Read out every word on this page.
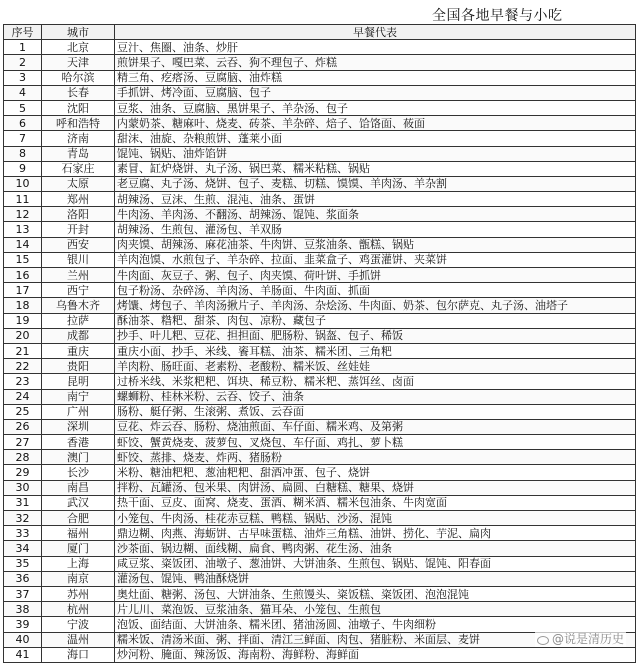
全国各地早餐与小吃
序号	城市	早餐代表
1	北京	豆汁、焦圈、油条、炒肝
2	天津	煎饼果子、嘎巴菜、云吞、狗不理包子、炸糕
3	哈尔滨	精三角、疙瘩汤、豆腐脑、油炸糕
4	长春	手抓饼、烤冷面、豆腐脑、包子
5	沈阳	豆浆、油条、豆腐脑、黑饼果子、羊杂汤、包子
6	呼和浩特	内蒙奶茶、糖麻叶、烧麦、砖茶、羊杂碎、焙子、饸饹面、莜面
7	济南	甜沫、油旋、杂粮煎饼、蓬莱小面
8	青岛	馄饨、锅贴、油炸馅饼
9	石家庄	素冒、缸炉烧饼、丸子汤、锅巴菜、糯米粘糕、锅贴
10	太原	老豆腐、丸子汤、烧饼、包子、麦糕、切糕、馍馍、羊肉汤、羊杂割
11	郑州	胡辣汤、豆沫、生煎、混沌、油条、蛋饼
12	洛阳	牛肉汤、羊肉汤、不翻汤、胡辣汤、馄饨、浆面条
13	开封	胡辣汤、生煎包、灌汤包、羊双肠
14	西安	肉夹馍、胡辣汤、麻花油茶、牛肉饼、豆浆油条、甑糕、锅贴
15	银川	羊肉泡馍、水煎包子、羊杂碎、拉面、韭菜盒子、鸡蛋灌饼、夹菜饼
16	兰州	牛肉面、灰豆子、粥、包子、肉夹馍、荷叶饼、手抓饼
17	西宁	包子粉汤、杂碎汤、羊肉汤、羊肠面、牛肉面、抓面
18	乌鲁木齐	烤馕、烤包子、羊肉汤揪片子、羊肉汤、杂烩汤、牛肉面、奶茶、包尔萨克、丸子汤、油塔子
19	拉萨	酥油茶、糌粑、甜茶、肉包、凉粉、藏包子
20	成都	抄手、叶儿粑、豆花、担担面、肥肠粉、锅盔、包子、稀饭
21	重庆	重庆小面、抄手、米线、餈耳糕、油茶、糯米团、三角粑
22	贵阳	羊肉粉、肠旺面、老素粉、老酸粉、糯米饭、丝娃娃
23	昆明	过桥米线、米浆粑粑、饵块、稀豆粉、糯米粑、蒸饵丝、卤面
24	南宁	螺蛳粉、桂林米粉、云吞、饺子、油条
25	广州	肠粉、艇仔粥、生滚粥、煮饭、云吞面
26	深圳	豆花、炸云吞、肠粉、烧油煎面、车仔面、糯米鸡、及第粥
27	香港	虾饺、蟹黄烧麦、菠萝包、叉烧包、车仔面、鸡扎、萝卜糕
28	澳门	虾饺、蒸排、烧麦、炸两、猪肠粉
29	长沙	米粉、糖油粑粑、葱油粑粑、甜酒冲蛋、包子、烧饼
30	南昌	拌粉、瓦罐汤、包米果、肉饼汤、扁圆、白糖糕、糖果、烧饼
31	武汉	热干面、豆皮、面窝、烧麦、蛋酒、糊米酒、糯米包油条、牛肉宽面
32	合肥	小笼包、牛肉汤、桂花赤豆糕、鸭糕、锅贴、沙汤、混饨
33	福州	鼎边糊、肉燕、海蛎饼、古早味蛋糕、油炸三角糕、油饼、捞化、芋泥、扁肉
34	厦门	沙茶面、锅边糊、面线糊、扁食、鸭肉粥、花生汤、油条
35	上海	咸豆浆、粢饭团、油墩子、葱油饼、大饼油条、生煎包、锅贴、馄饨、阳春面
36	南京	灌汤包、馄饨、鸭油酥烧饼
37	苏州	奥灶面、糖粥、汤包、大饼油条、生煎馒头、粢饭糕、粢饭团、泡泡混饨
38	杭州	片儿川、菜泡饭、豆浆油条、猫耳朵、小笼包、生煎包
39	宁波	泡饭、面结面、大饼油条、糯米团、猪油汤圆、油墩子、牛肉细粉
40	温州	糯米饭、清汤米面、粥、拌面、清江三鲜面、肉包、猪脏粉、米面层、麦饼
41	海口	炒河粉、腌面、辣汤饭、海南粉、海鲜粉、海鲜面
@说是清历史
